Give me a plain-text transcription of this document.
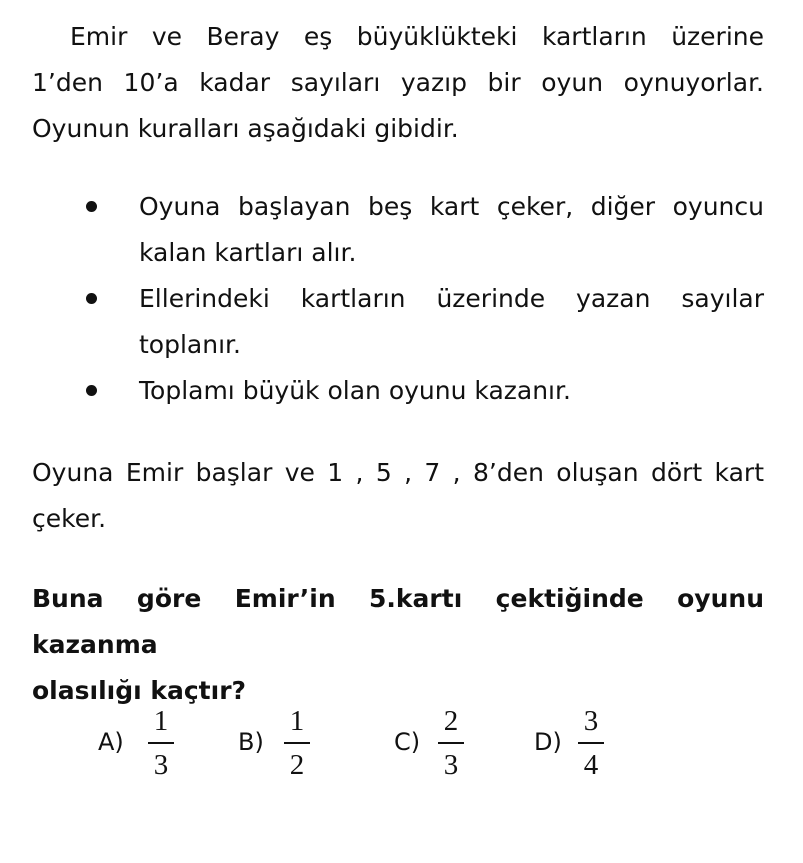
Emir ve Beray eş büyüklükteki kartların üzerine
1’den 10’a kadar sayıları yazıp bir oyun oynuyorlar.
Oyunun kuralları aşağıdaki gibidir.
Oyuna başlayan beş kart çeker, diğer oyuncu
kalan kartları alır.
Ellerindeki kartların üzerinde yazan sayılar
toplanır.
Toplamı büyük olan oyunu kazanır.
Oyuna Emir başlar ve 1 , 5 , 7 , 8’den oluşan dört kart
çeker.
Buna göre Emir’in 5.kartı çektiğinde oyunu kazanma
olasılığı kaçtır?
A)
1
3
B)
1
2
C)
2
3
D)
3
4
